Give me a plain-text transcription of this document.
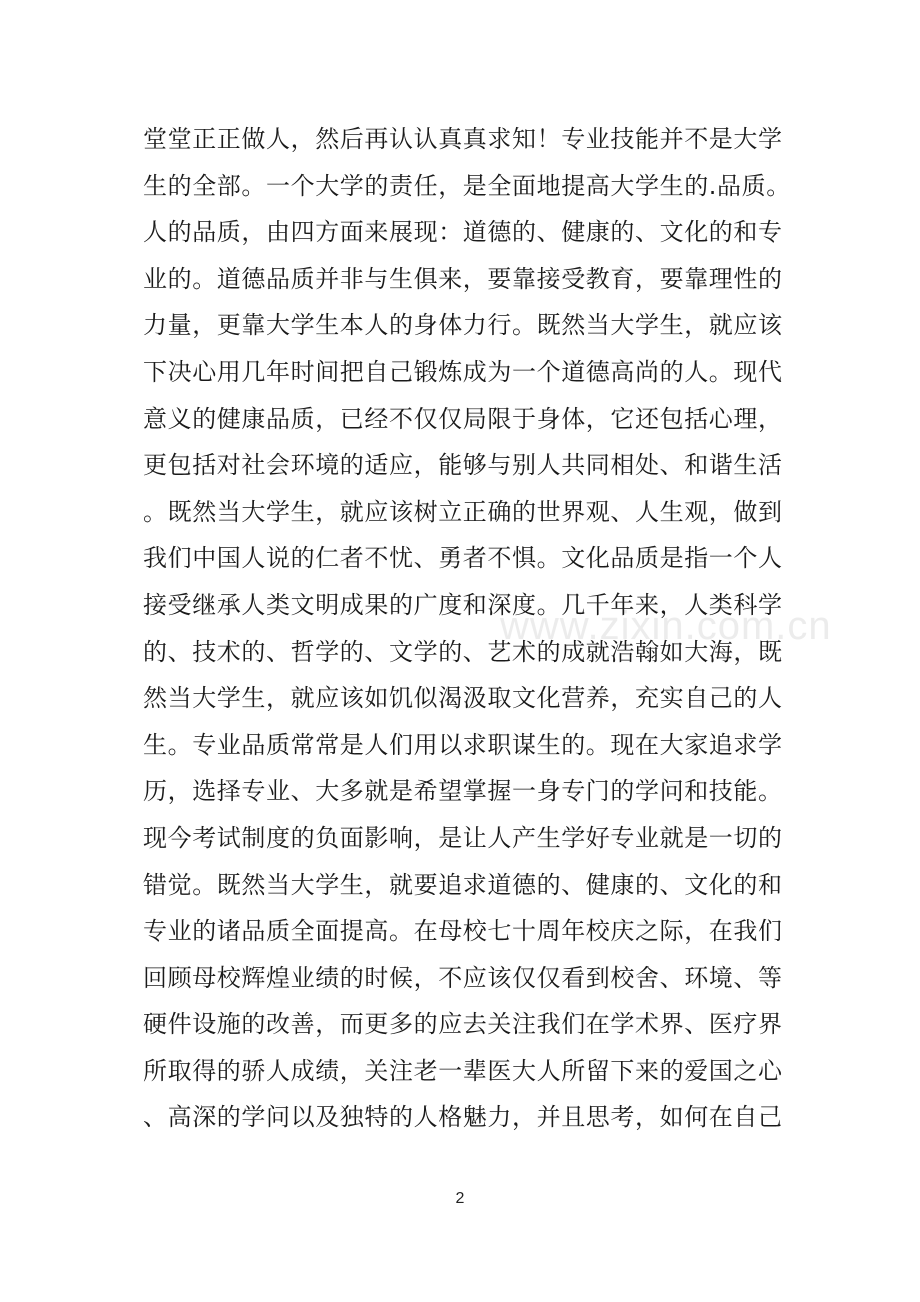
www.zixin.com.cn
堂堂正正做人，然后再认认真真求知！专业技能并不是大学
生的全部。一个大学的责任，是全面地提高大学生的.品质。
人的品质，由四方面来展现：道德的、健康的、文化的和专
业的。道德品质并非与生俱来，要靠接受教育，要靠理性的
力量，更靠大学生本人的身体力行。既然当大学生，就应该
下决心用几年时间把自己锻炼成为一个道德高尚的人。现代
意义的健康品质，已经不仅仅局限于身体，它还包括心理，
更包括对社会环境的适应，能够与别人共同相处、和谐生活
。既然当大学生，就应该树立正确的世界观、人生观，做到
我们中国人说的仁者不忧、勇者不惧。文化品质是指一个人
接受继承人类文明成果的广度和深度。几千年来，人类科学
的、技术的、哲学的、文学的、艺术的成就浩翰如大海，既
然当大学生，就应该如饥似渴汲取文化营养，充实自己的人
生。专业品质常常是人们用以求职谋生的。现在大家追求学
历，选择专业、大多就是希望掌握一身专门的学问和技能。
现今考试制度的负面影响，是让人产生学好专业就是一切的
错觉。既然当大学生，就要追求道德的、健康的、文化的和
专业的诸品质全面提高。在母校七十周年校庆之际，在我们
回顾母校辉煌业绩的时候，不应该仅仅看到校舍、环境、等
硬件设施的改善，而更多的应去关注我们在学术界、医疗界
所取得的骄人成绩，关注老一辈医大人所留下来的爱国之心
、高深的学问以及独特的人格魅力，并且思考，如何在自己
2
